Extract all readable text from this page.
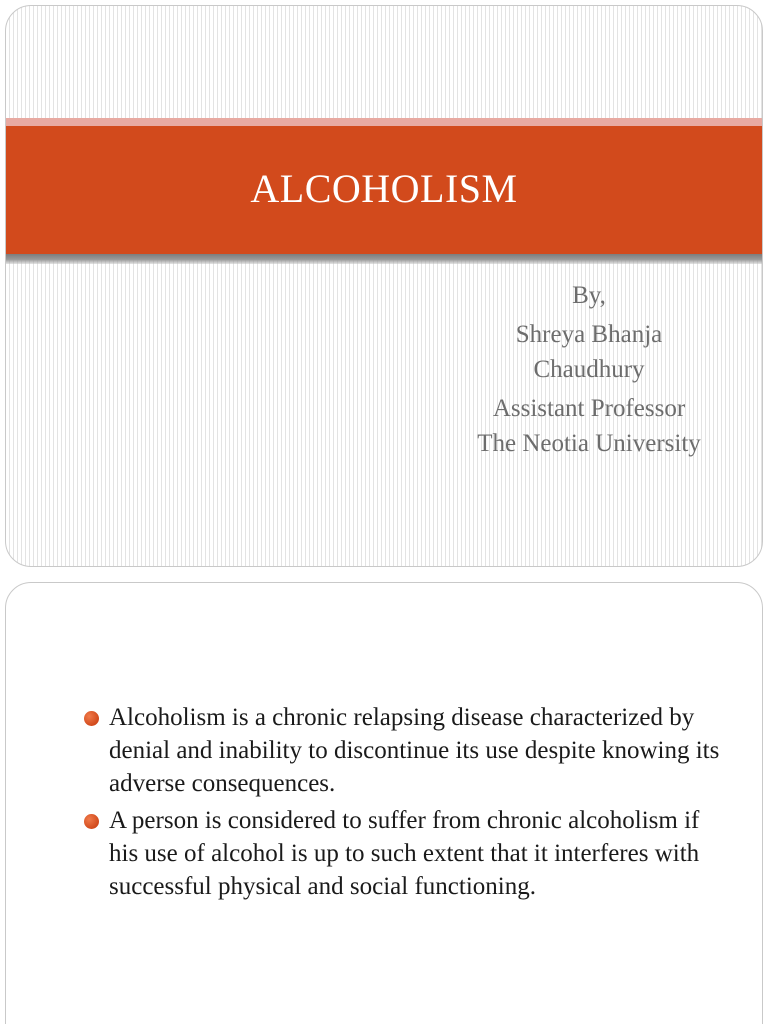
ALCOHOLISM
By,
Shreya Bhanja
Chaudhury
Assistant Professor
The Neotia University
Alcoholism is a chronic relapsing disease characterized by denial and inability to discontinue its use despite knowing its adverse consequences.
A person is considered to suffer from chronic alcoholism if his use of alcohol is up to such extent that it interferes with successful physical and social functioning.
